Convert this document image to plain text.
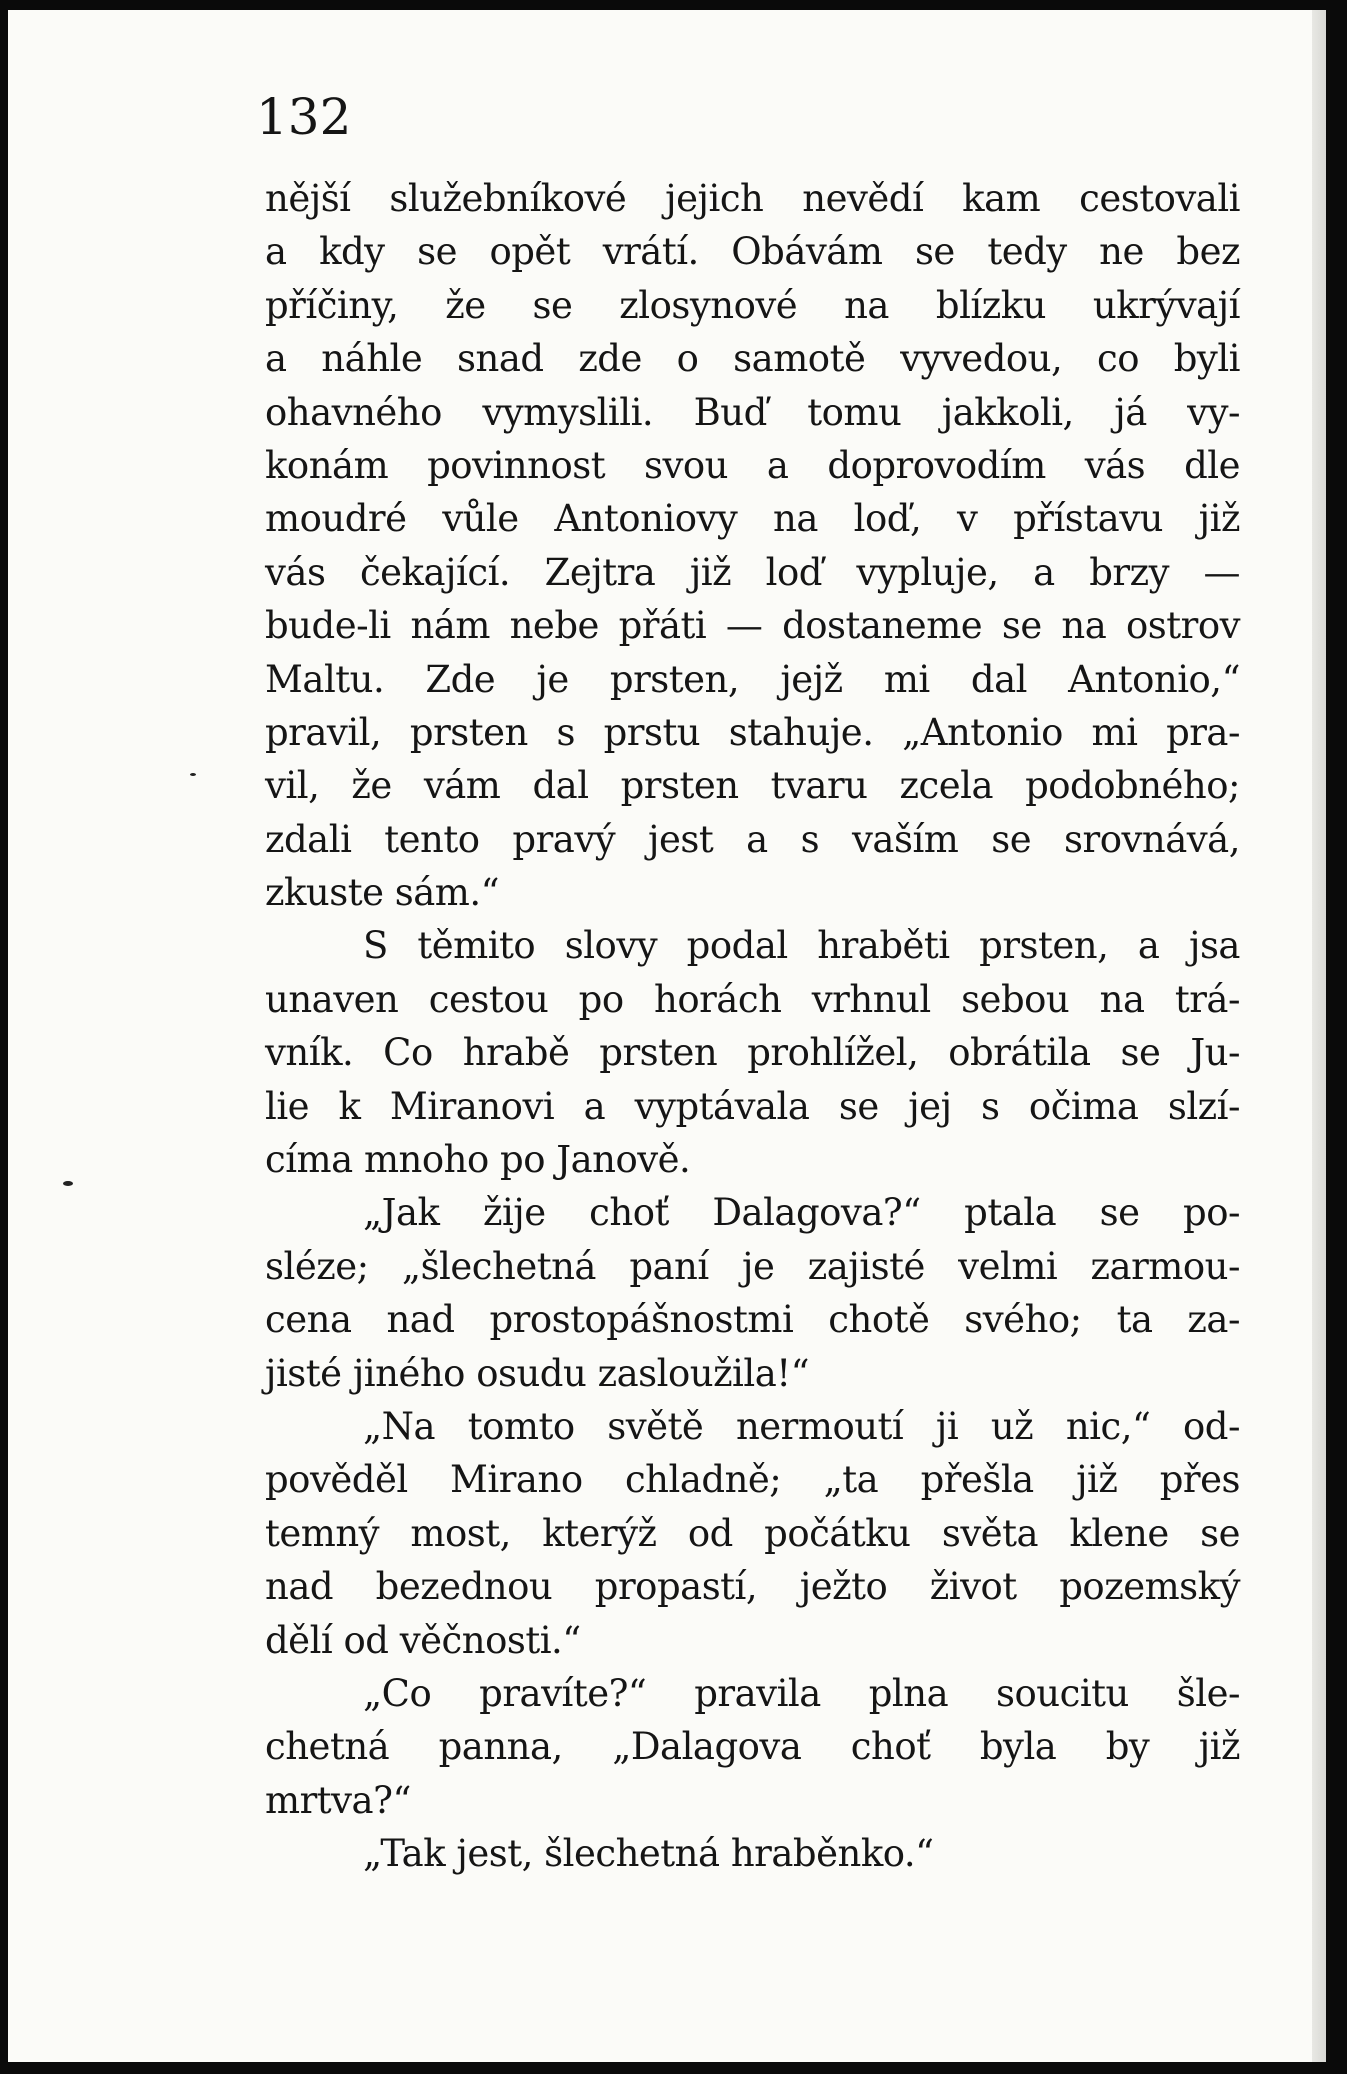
132
nější služebníkové jejich nevědí kam cestovali
a kdy se opět vrátí. Obávám se tedy ne bez
příčiny, že se zlosynové na blízku ukrývají
a náhle snad zde o samotě vyvedou, co byli
ohavného vymyslili. Buď tomu jakkoli, já vy-
konám povinnost svou a doprovodím vás dle
moudré vůle Antoniovy na loď, v přístavu již
vás čekající. Zejtra již loď vypluje, a brzy —
bude-li nám nebe přáti — dostaneme se na ostrov
Maltu. Zde je prsten, jejž mi dal Antonio,“
pravil, prsten s prstu stahuje. „Antonio mi pra-
vil, že vám dal prsten tvaru zcela podobného;
zdali tento pravý jest a s vaším se srovnává,
zkuste sám.“
S těmito slovy podal hraběti prsten, a jsa
unaven cestou po horách vrhnul sebou na trá-
vník. Co hrabě prsten prohlížel, obrátila se Ju-
lie k Miranovi a vyptávala se jej s očima slzí-
címa mnoho po Janově.
„Jak žije choť Dalagova?“ ptala se po-
sléze; „šlechetná paní je zajisté velmi zarmou-
cena nad prostopášnostmi chotě svého; ta za-
jisté jiného osudu zasloužila!“
„Na tomto světě nermoutí ji už nic,“ od-
pověděl Mirano chladně; „ta přešla již přes
temný most, kterýž od počátku světa klene se
nad bezednou propastí, ježto život pozemský
dělí od věčnosti.“
„Co pravíte?“ pravila plna soucitu šle-
chetná panna, „Dalagova choť byla by již
mrtva?“
„Tak jest, šlechetná hraběnko.“
